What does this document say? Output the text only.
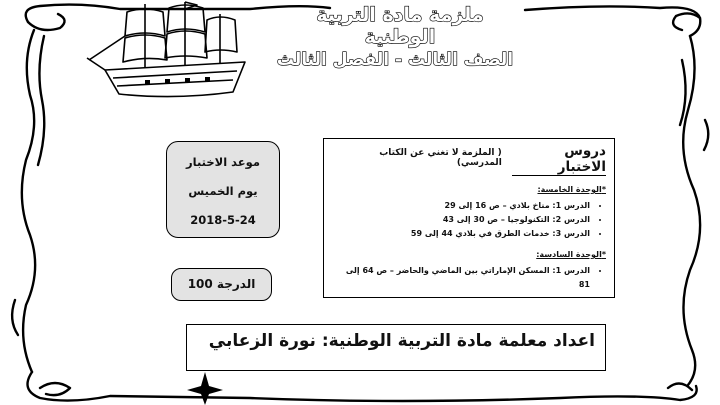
ملزمة مادة التربية الوطنية
الصف الثالث - الفصل الثالث
دروس الاختبار
( الملزمة لا تغني عن الكتاب المدرسي)
*الوحدة الخامسة:
• الدرس 1: مناخ بلادي – ص 16 إلى 29
• الدرس 2: التكنولوجيا – ص 30 إلى 43
• الدرس 3: خدمات الطرق في بلادي 44 إلى 59
*الوحدة السادسة:
• الدرس 1: المسكن الإماراتي بين الماضي والحاضر – ص 64 إلى 81
موعد الاختبار
يوم الخميس
2018-5-24
الدرجة 100
اعداد معلمة مادة التربية الوطنية: نورة الزعابي
